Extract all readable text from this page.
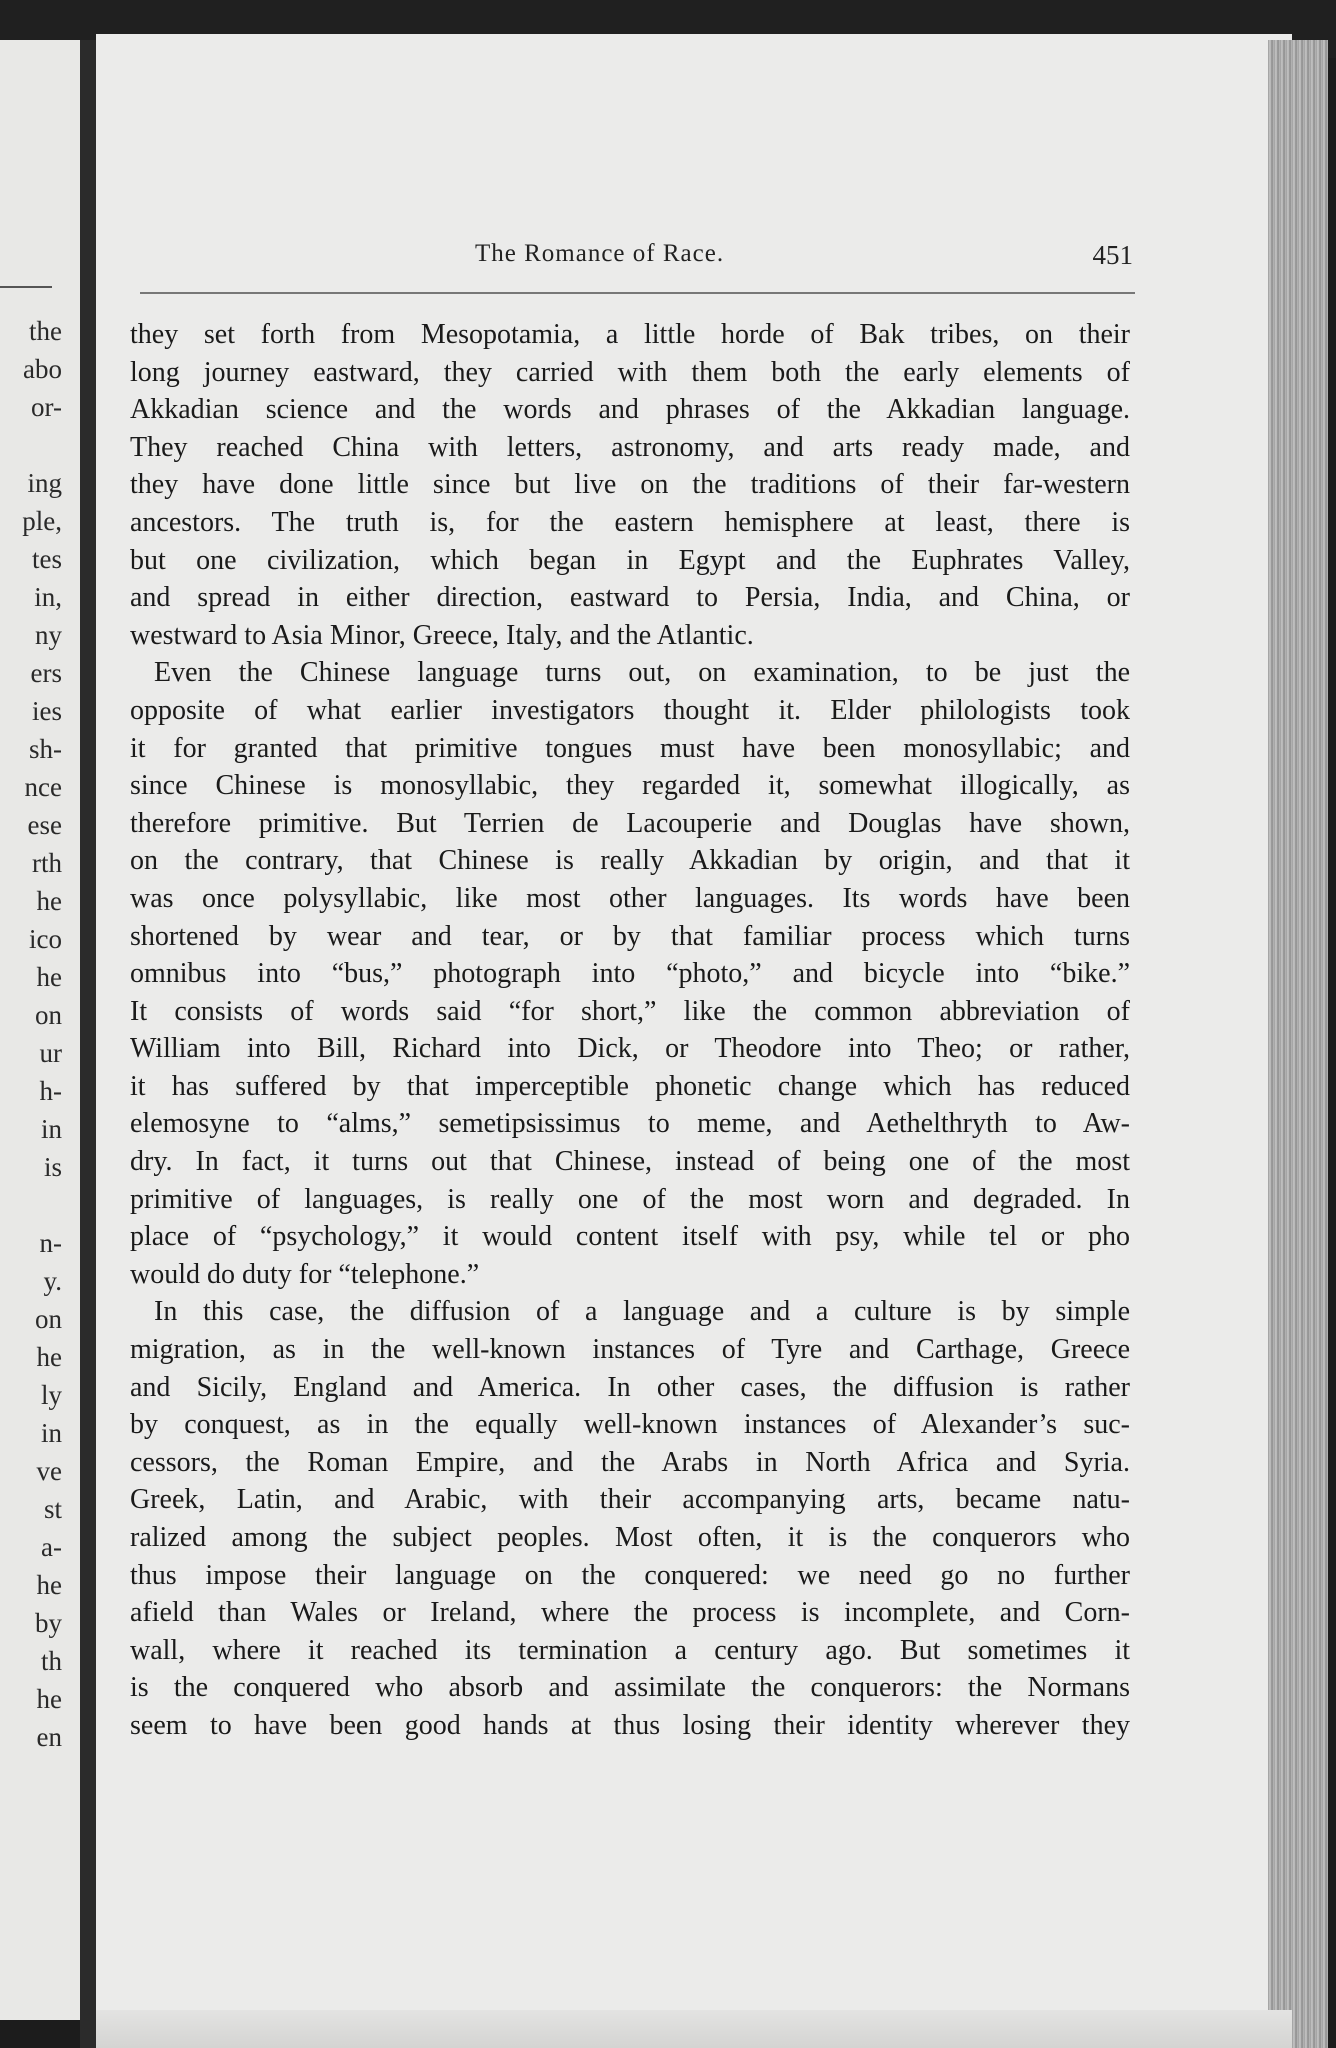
the

abo

or-

ing

ple,

tes

in,

ny

ers

ies

sh-

nce

ese

rth

he

ico

he

on

ur

h-

in

is

n-

y.

on

he

ly

in

ve

st

a-

he

by

th

he

en

The Romance of Race.	451

they set forth from Mesopotamia, a little horde of Bak tribes, on their

long journey eastward, they carried with them both the early elements of

Akkadian science and the words and phrases of the Akkadian language.

They reached China with letters, astronomy, and arts ready made, and

they have done little since but live on the traditions of their far-western

ancestors. The truth is, for the eastern hemisphere at least, there is

but one civilization, which began in Egypt and the Euphrates Valley,

and spread in either direction, eastward to Persia, India, and China, or

westward to Asia Minor, Greece, Italy, and the Atlantic.

Even the Chinese language turns out, on examination, to be just the

opposite of what earlier investigators thought it. Elder philologists took

it for granted that primitive tongues must have been monosyllabic; and

since Chinese is monosyllabic, they regarded it, somewhat illogically, as

therefore primitive. But Terrien de Lacouperie and Douglas have shown,

on the contrary, that Chinese is really Akkadian by origin, and that it

was once polysyllabic, like most other languages. Its words have been

shortened by wear and tear, or by that familiar process which turns

omnibus into “bus,” photograph into “photo,” and bicycle into “bike.”

It consists of words said “for short,” like the common abbreviation of

William into Bill, Richard into Dick, or Theodore into Theo; or rather,

it has suffered by that imperceptible phonetic change which has reduced

elemosyne to “alms,” semetipsissimus to meme, and Aethelthryth to Aw-

dry. In fact, it turns out that Chinese, instead of being one of the most

primitive of languages, is really one of the most worn and degraded. In

place of “psychology,” it would content itself with psy, while tel or pho

would do duty for “telephone.”

In this case, the diffusion of a language and a culture is by simple

migration, as in the well-known instances of Tyre and Carthage, Greece

and Sicily, England and America. In other cases, the diffusion is rather

by conquest, as in the equally well-known instances of Alexander’s suc-

cessors, the Roman Empire, and the Arabs in North Africa and Syria.

Greek, Latin, and Arabic, with their accompanying arts, became natu-

ralized among the subject peoples. Most often, it is the conquerors who

thus impose their language on the conquered: we need go no further

afield than Wales or Ireland, where the process is incomplete, and Corn-

wall, where it reached its termination a century ago. But sometimes it

is the conquered who absorb and assimilate the conquerors: the Normans

seem to have been good hands at thus losing their identity wherever they
